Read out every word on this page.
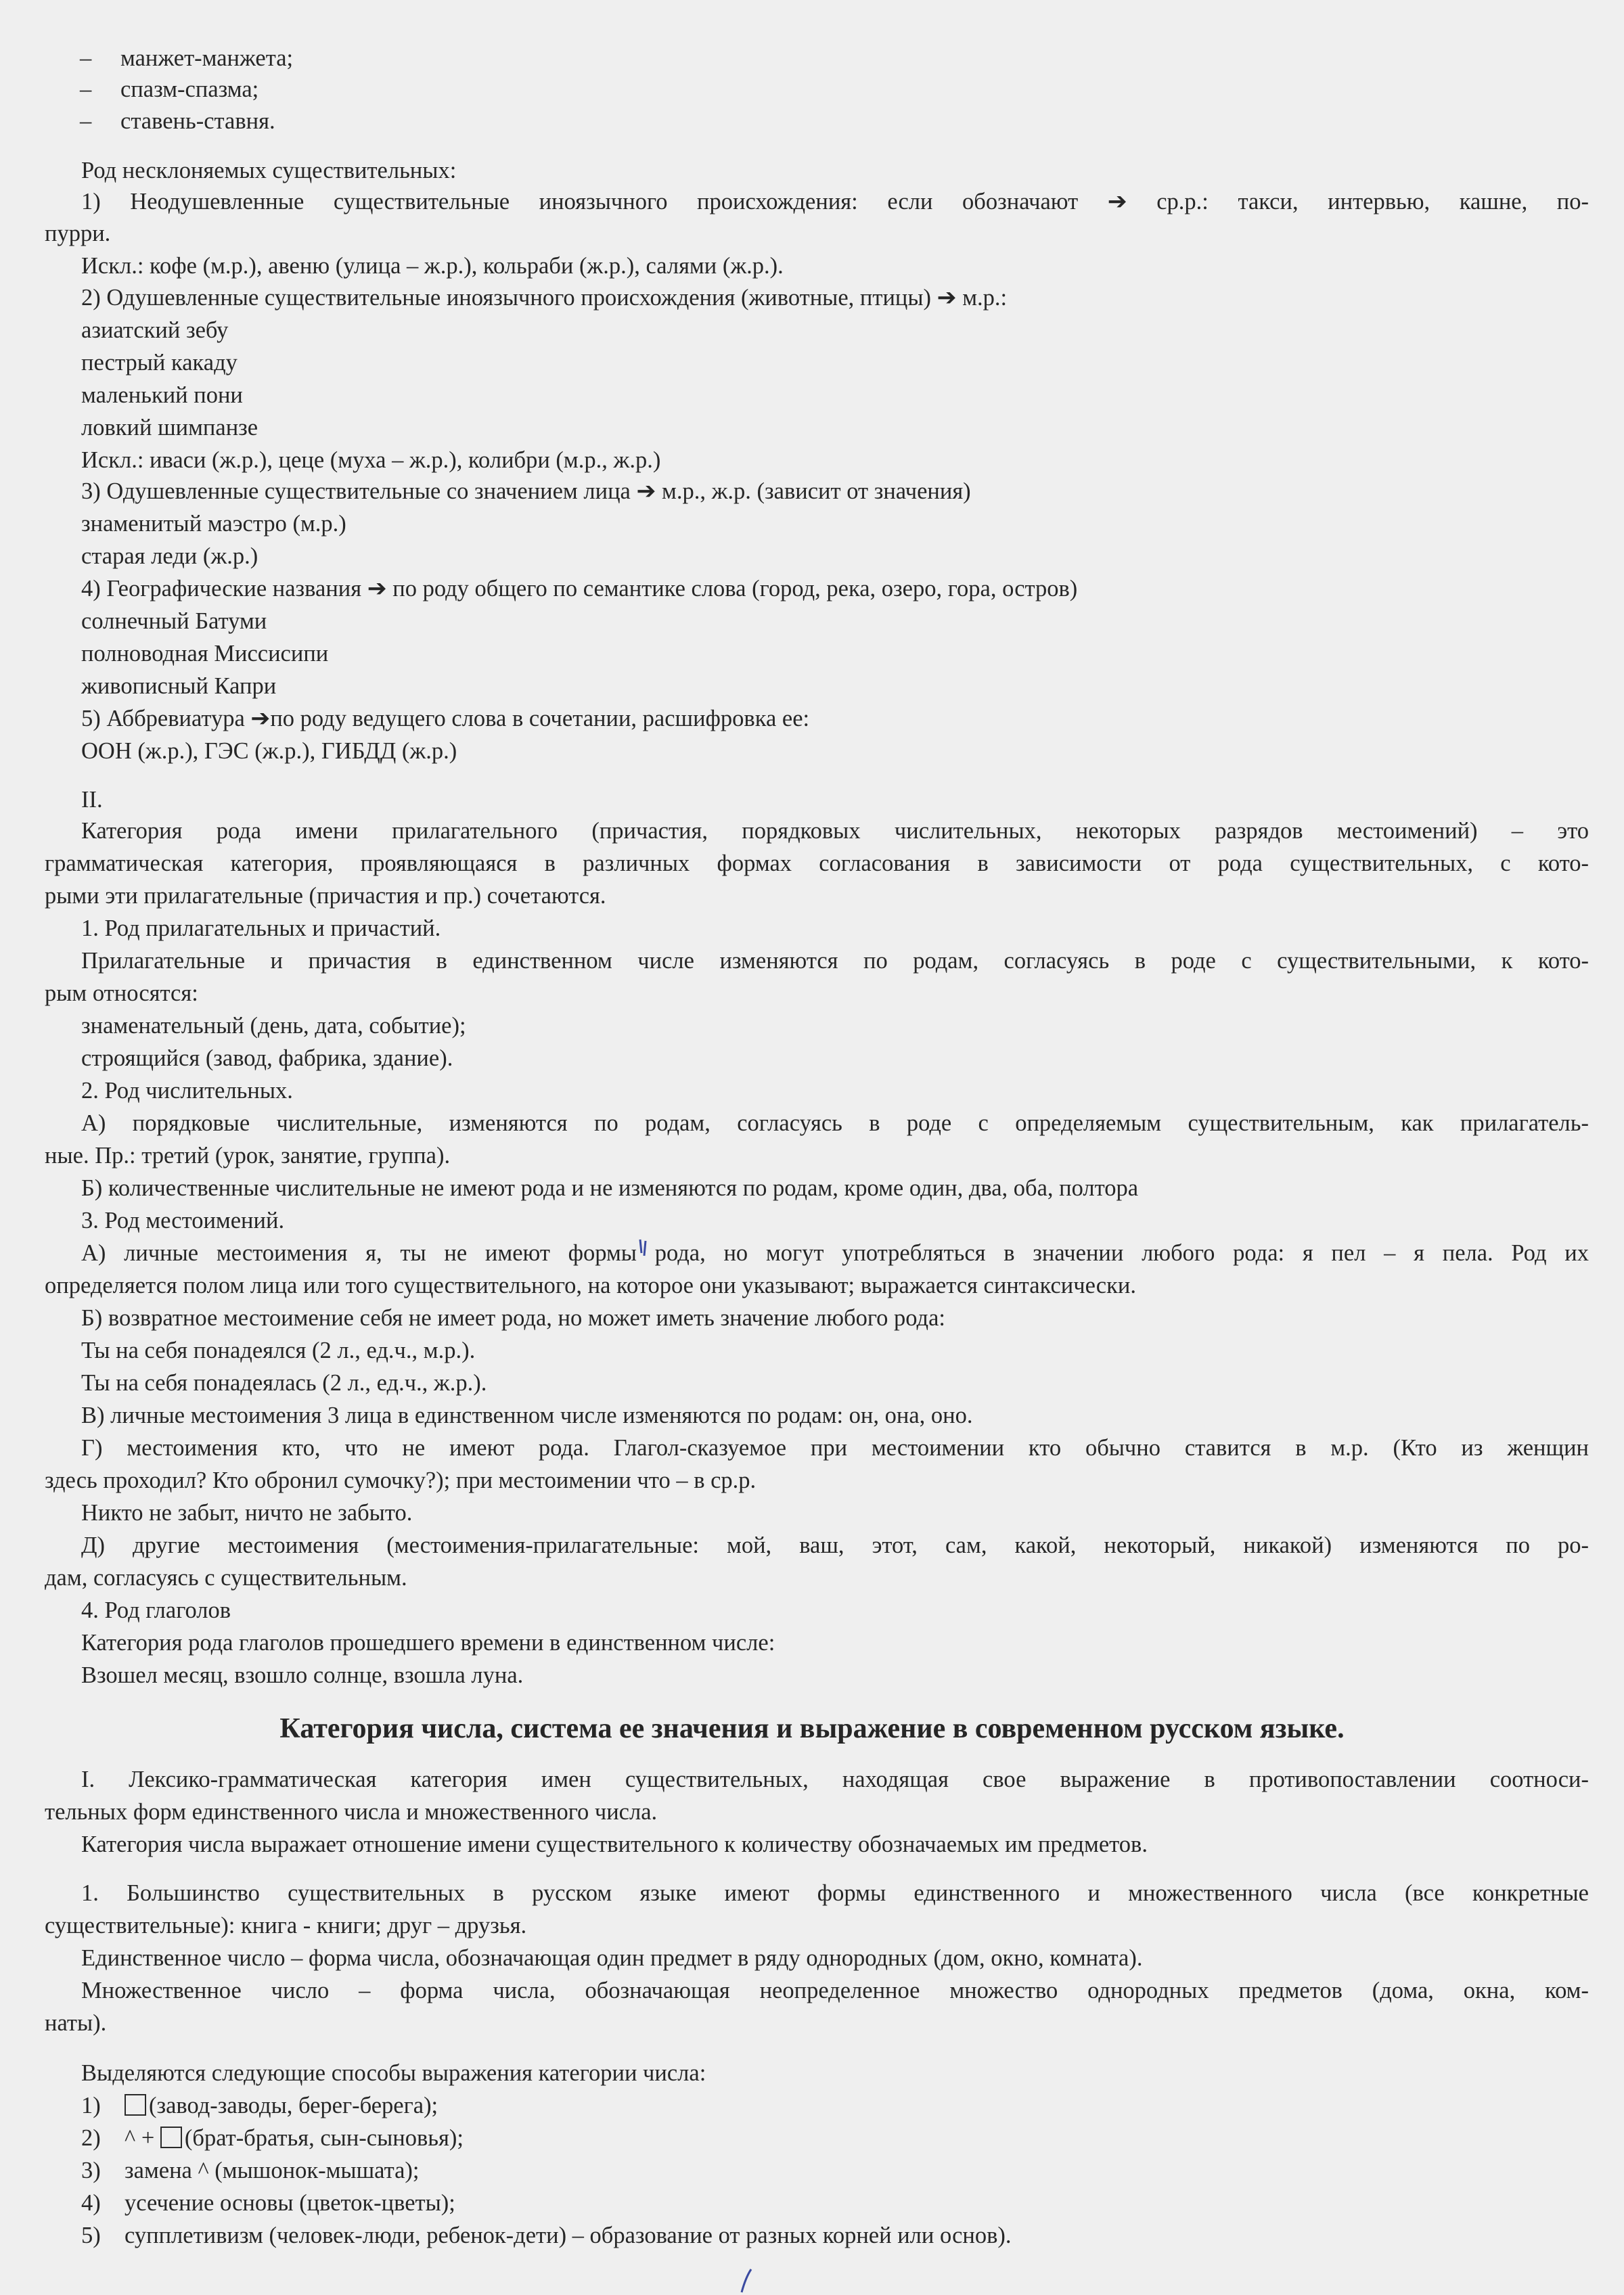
– манжет-манжета;
– спазм-спазма;
– ставень-ставня.
Род несклоняемых существительных:
1) Неодушевленные существительные иноязычного происхождения: если обозначают ➔ ср.р.: такси, интервью, кашне, по-
пурри.
Искл.: кофе (м.р.), авеню (улица – ж.р.), кольраби (ж.р.), салями (ж.р.).
2) Одушевленные существительные иноязычного происхождения (животные, птицы) ➔ м.р.:
азиатский зебу
пестрый какаду
маленький пони
ловкий шимпанзе
Искл.: иваси (ж.р.), цеце (муха – ж.р.), колибри (м.р., ж.р.)
3) Одушевленные существительные со значением лица ➔ м.р., ж.р. (зависит от значения)
знаменитый маэстро (м.р.)
старая леди (ж.р.)
4) Географические названия ➔ по роду общего по семантике слова (город, река, озеро, гора, остров)
солнечный Батуми
полноводная Миссисипи
живописный Капри
5) Аббревиатура ➔по роду ведущего слова в сочетании, расшифровка ее:
ООН (ж.р.), ГЭС (ж.р.), ГИБДД (ж.р.)
II.
Категория рода имени прилагательного (причастия, порядковых числительных, некоторых разрядов местоимений) – это
грамматическая категория, проявляющаяся в различных формах согласования в зависимости от рода существительных, с кото-
рыми эти прилагательные (причастия и пр.) сочетаются.
1. Род прилагательных и причастий.
Прилагательные и причастия в единственном числе изменяются по родам, согласуясь в роде с существительными, к кото-
рым относятся:
знаменательный (день, дата, событие);
строящийся (завод, фабрика, здание).
2. Род числительных.
А) порядковые числительные, изменяются по родам, согласуясь в роде с определяемым существительным, как прилагатель-
ные. Пр.: третий (урок, занятие, группа).
Б) количественные числительные не имеют рода и не изменяются по родам, кроме один, два, оба, полтора
3. Род местоимений.
А) личные местоимения я, ты не имеют формы рода, но могут употребляться в значении любого рода: я пел – я пела. Род их
определяется полом лица или того существительного, на которое они указывают; выражается синтаксически.
Б) возвратное местоимение себя не имеет рода, но может иметь значение любого рода:
Ты на себя понадеялся (2 л., ед.ч., м.р.).
Ты на себя понадеялась (2 л., ед.ч., ж.р.).
В) личные местоимения 3 лица в единственном числе изменяются по родам: он, она, оно.
Г) местоимения кто, что не имеют рода. Глагол-сказуемое при местоимении кто обычно ставится в м.р. (Кто из женщин
здесь проходил? Кто обронил сумочку?); при местоимении что – в ср.р.
Никто не забыт, ничто не забыто.
Д) другие местоимения (местоимения-прилагательные: мой, ваш, этот, сам, какой, некоторый, никакой) изменяются по ро-
дам, согласуясь с существительным.
4. Род глаголов
Категория рода глаголов прошедшего времени в единственном числе:
Взошел месяц, взошло солнце, взошла луна.
Категория числа, система ее значения и выражение в современном русском языке.
I. Лексико-грамматическая категория имен существительных, находящая свое выражение в противопоставлении соотноси-
тельных форм единственного числа и множественного числа.
Категория числа выражает отношение имени существительного к количеству обозначаемых им предметов.
1. Большинство существительных в русском языке имеют формы единственного и множественного числа (все конкретные
существительные): книга - книги; друг – друзья.
Единственное число – форма числа, обозначающая один предмет в ряду однородных (дом, окно, комната).
Множественное число – форма числа, обозначающая неопределенное множество однородных предметов (дома, окна, ком-
наты).
Выделяются следующие способы выражения категории числа:
1)	(завод-заводы, берег-берега);
2) ^ + (брат-братья, сын-сыновья);
3) замена ^ (мышонок-мышата);
4) усечение основы (цветок-цветы);
5) супплетивизм (человек-люди, ребенок-дети) – образование от разных корней или основ).
